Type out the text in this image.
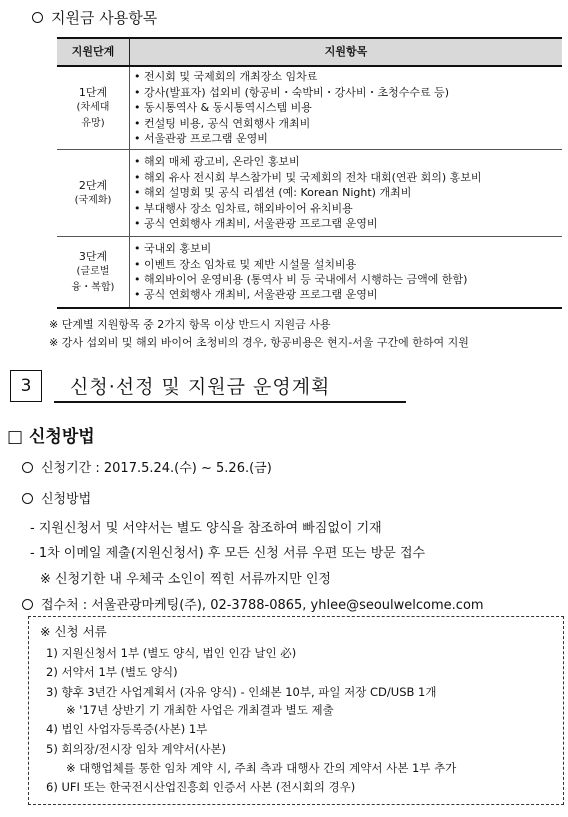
지원금 사용항목
지원단계	지원항목

1단계
(차세대
유망)	• 전시회 및 국제회의 개최장소 임차료
• 강사(발표자) 섭외비 (항공비・숙박비・강사비・초청수수료 등)
• 동시통역사 & 동시통역시스템 비용
• 컨설팅 비용, 공식 연회행사 개최비
• 서울관광 프로그램 운영비

2단계
(국제화)	• 해외 매체 광고비, 온라인 홍보비
• 해외 유사 전시회 부스참가비 및 국제회의 전차 대회(연관 회의) 홍보비
• 해외 설명회 및 공식 리셉션 (예: Korean Night) 개최비
• 부대행사 장소 임차료, 해외바이어 유치비용
• 공식 연회행사 개최비, 서울관광 프로그램 운영비

3단계
(글로벌
융・복합)	• 국내외 홍보비
• 이벤트 장소 임차료 및 제반 시설물 설치비용
• 해외바이어 운영비용 (통역사 비 등 국내에서 시행하는 금액에 한함)
• 공식 연회행사 개최비, 서울관광 프로그램 운영비
※ 단계별 지원항목 중 2가지 항목 이상 반드시 지원금 사용
※ 강사 섭외비 및 해외 바이어 초청비의 경우, 항공비용은 현지-서울 구간에 한하여 지원
3	신청·선정 및 지원금 운영계획
□ 신청방법
신청기간 : 2017.5.24.(수) ~ 5.26.(금)
신청방법
- 지원신청서 및 서약서는 별도 양식을 참조하여 빠짐없이 기재
- 1차 이메일 제출(지원신청서) 후 모든 신청 서류 우편 또는 방문 접수
※ 신청기한 내 우체국 소인이 찍힌 서류까지만 인정
접수처 : 서울관광마케팅(주), 02-3788-0865, yhlee@seoulwelcome.com
※ 신청 서류
1) 지원신청서 1부 (별도 양식, 법인 인감 날인 必)
2) 서약서 1부 (별도 양식)
3) 향후 3년간 사업계획서 (자유 양식) - 인쇄본 10부, 파일 저장 CD/USB 1개
※ '17년 상반기 기 개최한 사업은 개최결과 별도 제출
4) 법인 사업자등록증(사본) 1부
5) 회의장/전시장 임차 계약서(사본)
※ 대행업체를 통한 임차 계약 시, 주최 측과 대행사 간의 계약서 사본 1부 추가
6) UFI 또는 한국전시산업진흥회 인증서 사본 (전시회의 경우)
